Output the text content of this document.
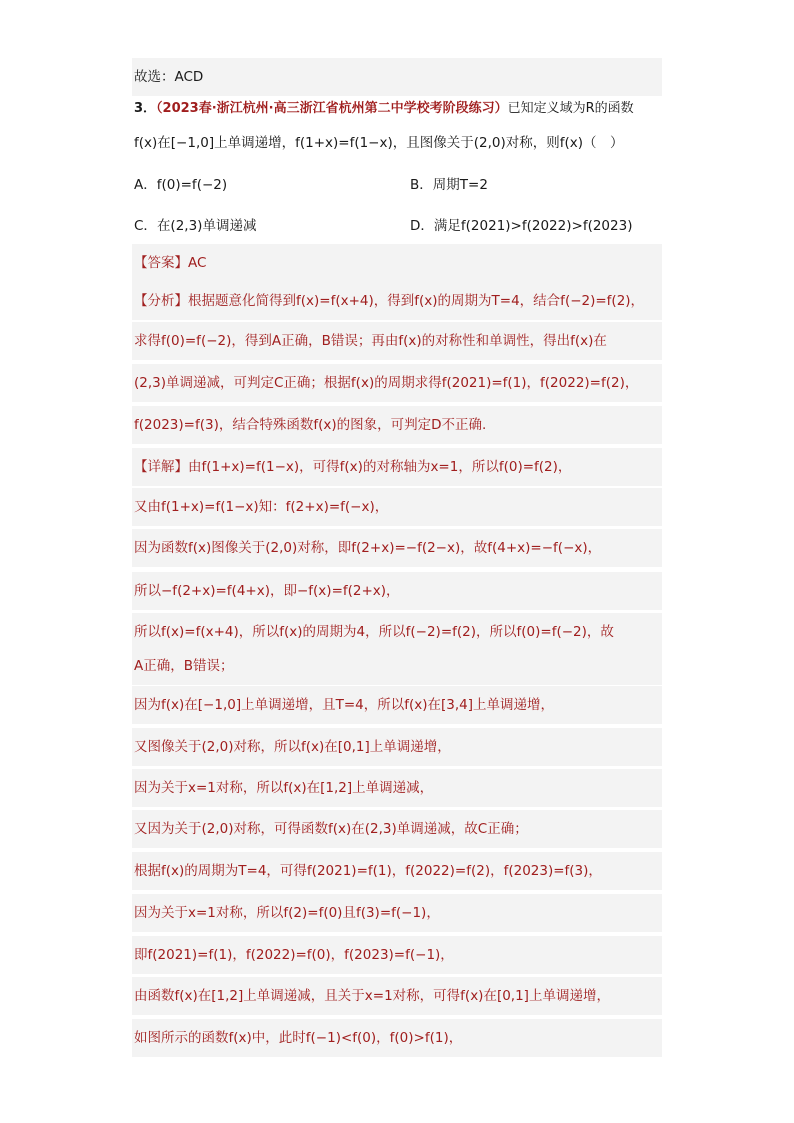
故选：ACD
3．（2023春·浙江杭州·高三浙江省杭州第二中学校考阶段练习）已知定义域为R的函数
f(x)在[−1,0]上单调递增，f(1+x)=f(1−x)，且图像关于(2,0)对称，则f(x)（　）
A．f(0)=f(−2)	B．周期T=2
C．在(2,3)单调递减	D．满足f(2021)>f(2022)>f(2023)
【答案】AC
【分析】根据题意化简得到f(x)=f(x+4)，得到f(x)的周期为T=4，结合f(−2)=f(2)，
求得f(0)=f(−2)，得到A正确，B错误；再由f(x)的对称性和单调性，得出f(x)在
(2,3)单调递减，可判定C正确；根据f(x)的周期求得f(2021)=f(1)，f(2022)=f(2)，
f(2023)=f(3)，结合特殊函数f(x)的图象，可判定D不正确.
【详解】由f(1+x)=f(1−x)，可得f(x)的对称轴为x=1，所以f(0)=f(2)，
又由f(1+x)=f(1−x)知：f(2+x)=f(−x)，
因为函数f(x)图像关于(2,0)对称，即f(2+x)=−f(2−x)，故f(4+x)=−f(−x)，
所以−f(2+x)=f(4+x)，即−f(x)=f(2+x)，
所以f(x)=f(x+4)，所以f(x)的周期为4，所以f(−2)=f(2)，所以f(0)=f(−2)，故
A正确，B错误；
因为f(x)在[−1,0]上单调递增，且T=4，所以f(x)在[3,4]上单调递增，
又图像关于(2,0)对称，所以f(x)在[0,1]上单调递增，
因为关于x=1对称，所以f(x)在[1,2]上单调递减，
又因为关于(2,0)对称，可得函数f(x)在(2,3)单调递减，故C正确；
根据f(x)的周期为T=4，可得f(2021)=f(1)，f(2022)=f(2)，f(2023)=f(3)，
因为关于x=1对称，所以f(2)=f(0)且f(3)=f(−1)，
即f(2021)=f(1)，f(2022)=f(0)，f(2023)=f(−1)，
由函数f(x)在[1,2]上单调递减，且关于x=1对称，可得f(x)在[0,1]上单调递增，
如图所示的函数f(x)中，此时f(−1)<f(0)，f(0)>f(1)，
